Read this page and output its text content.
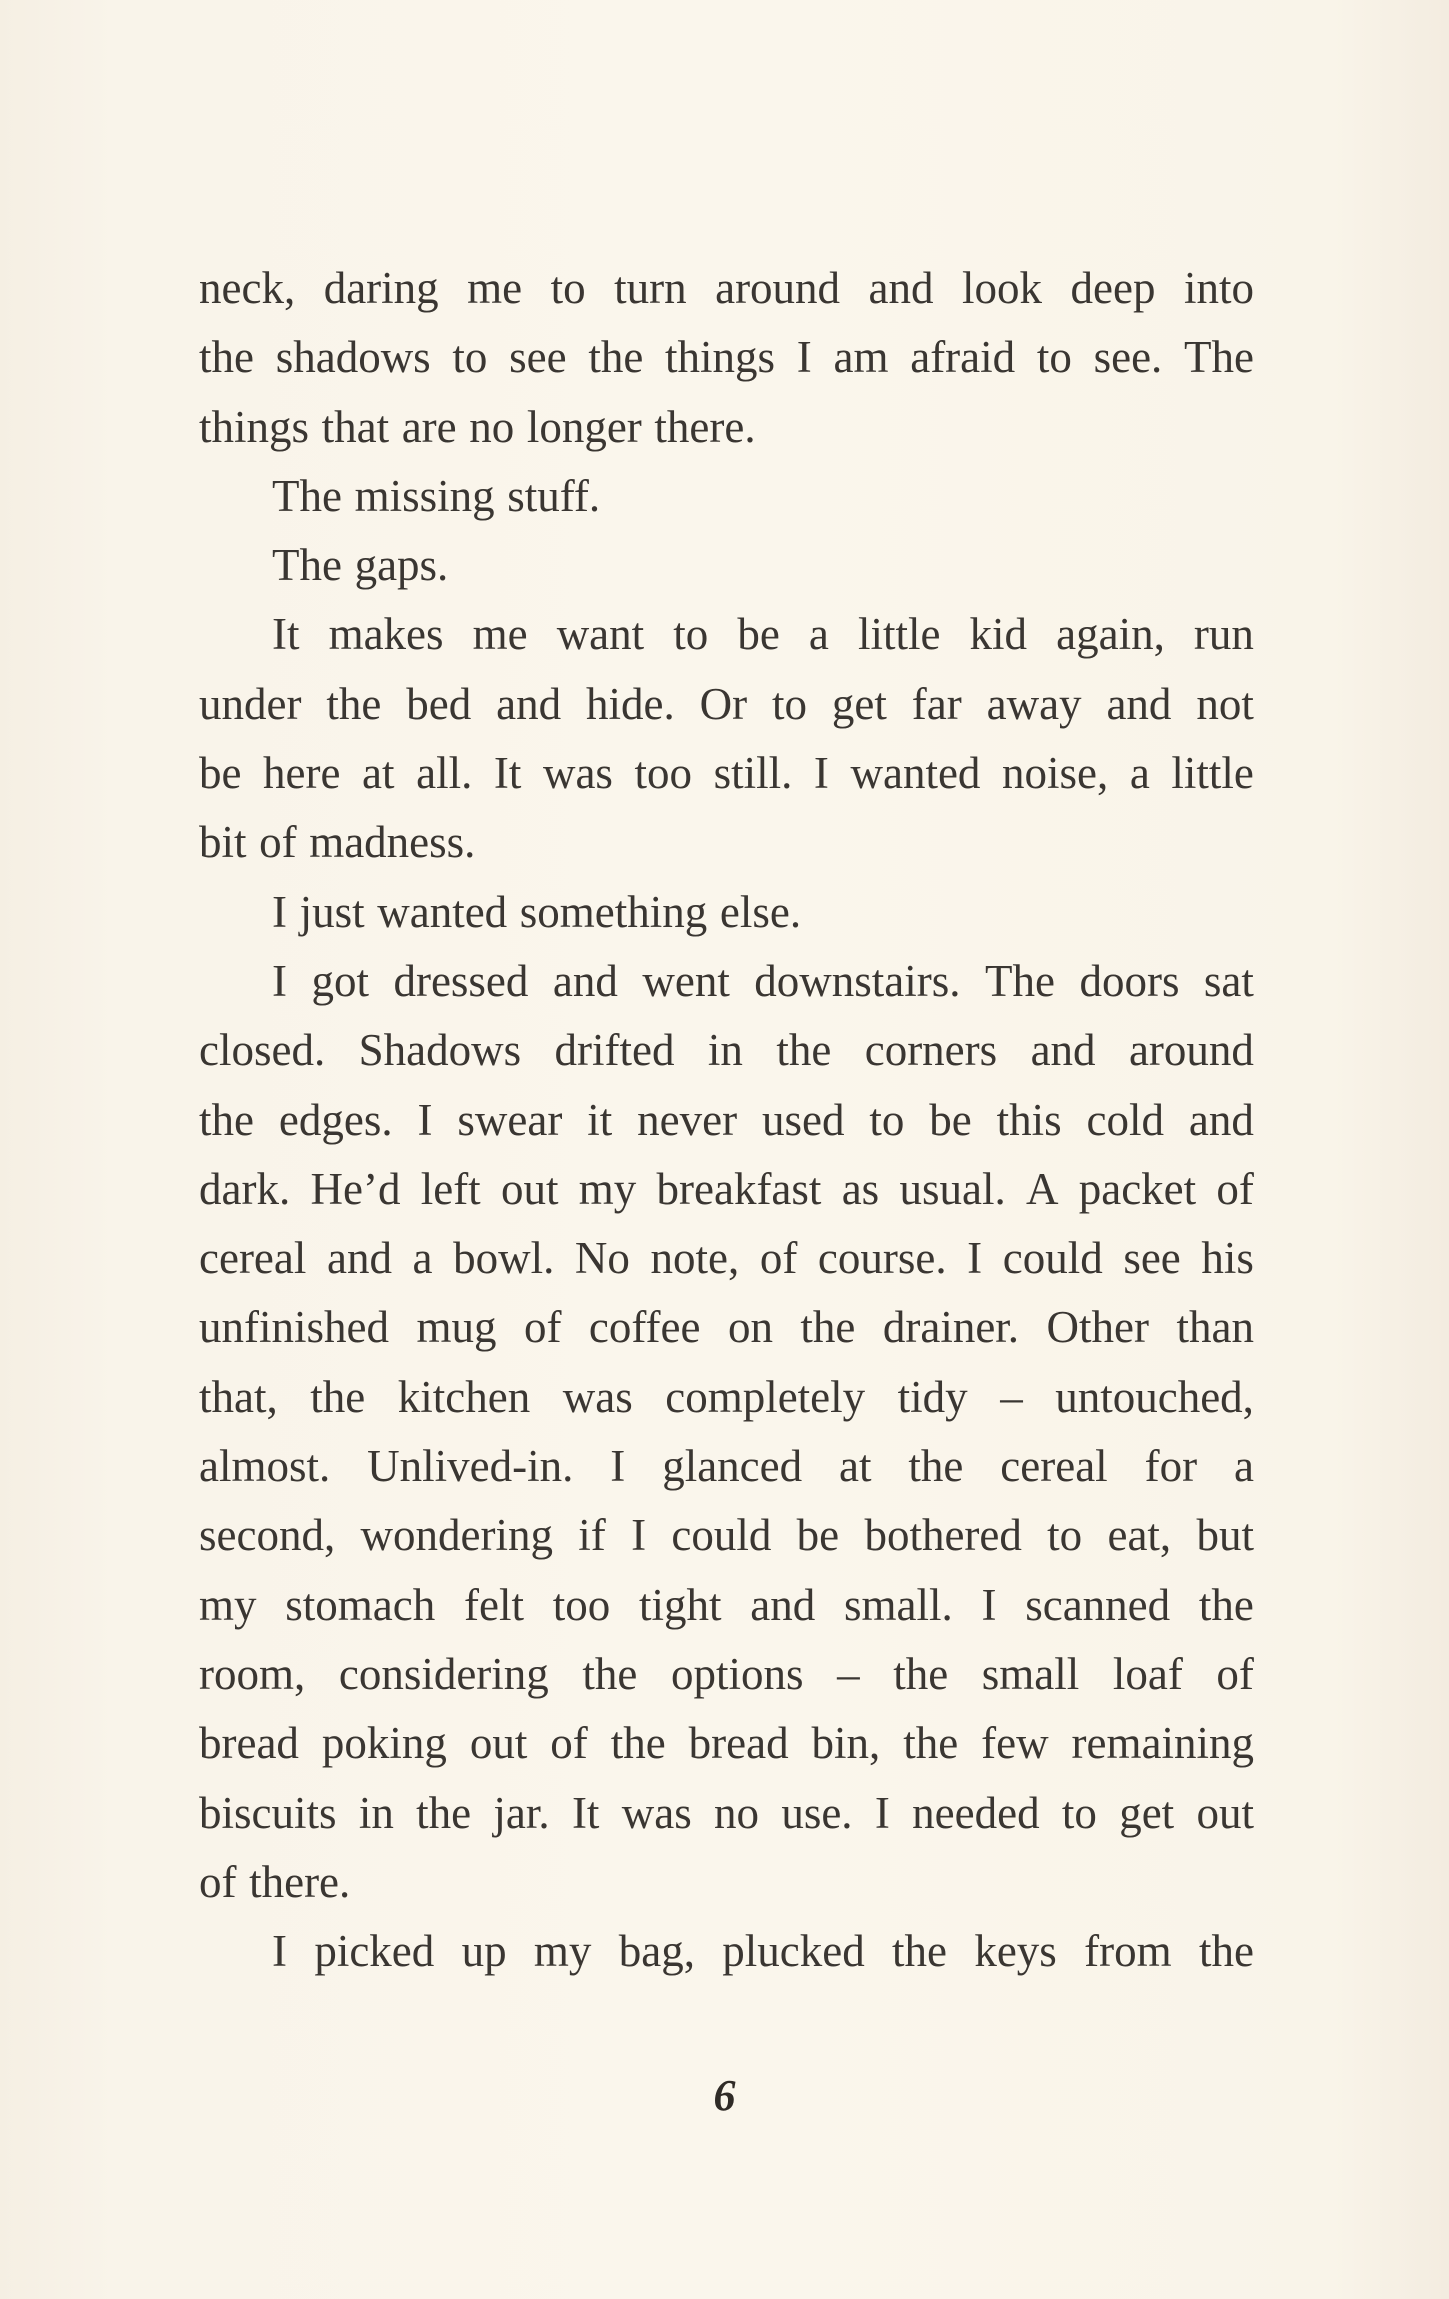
neck, daring me to turn around and look deep into
the shadows to see the things I am afraid to see. The
things that are no longer there.
The missing stuff.
The gaps.
It makes me want to be a little kid again, run
under the bed and hide. Or to get far away and not
be here at all. It was too still. I wanted noise, a little
bit of madness.
I just wanted something else.
I got dressed and went downstairs. The doors sat
closed. Shadows drifted in the corners and around
the edges. I swear it never used to be this cold and
dark. He’d left out my breakfast as usual. A packet of
cereal and a bowl. No note, of course. I could see his
unfinished mug of coffee on the drainer. Other than
that, the kitchen was completely tidy – untouched,
almost. Unlived-in. I glanced at the cereal for a
second, wondering if I could be bothered to eat, but
my stomach felt too tight and small. I scanned the
room, considering the options – the small loaf of
bread poking out of the bread bin, the few remaining
biscuits in the jar. It was no use. I needed to get out
of there.
I picked up my bag, plucked the keys from the
6
